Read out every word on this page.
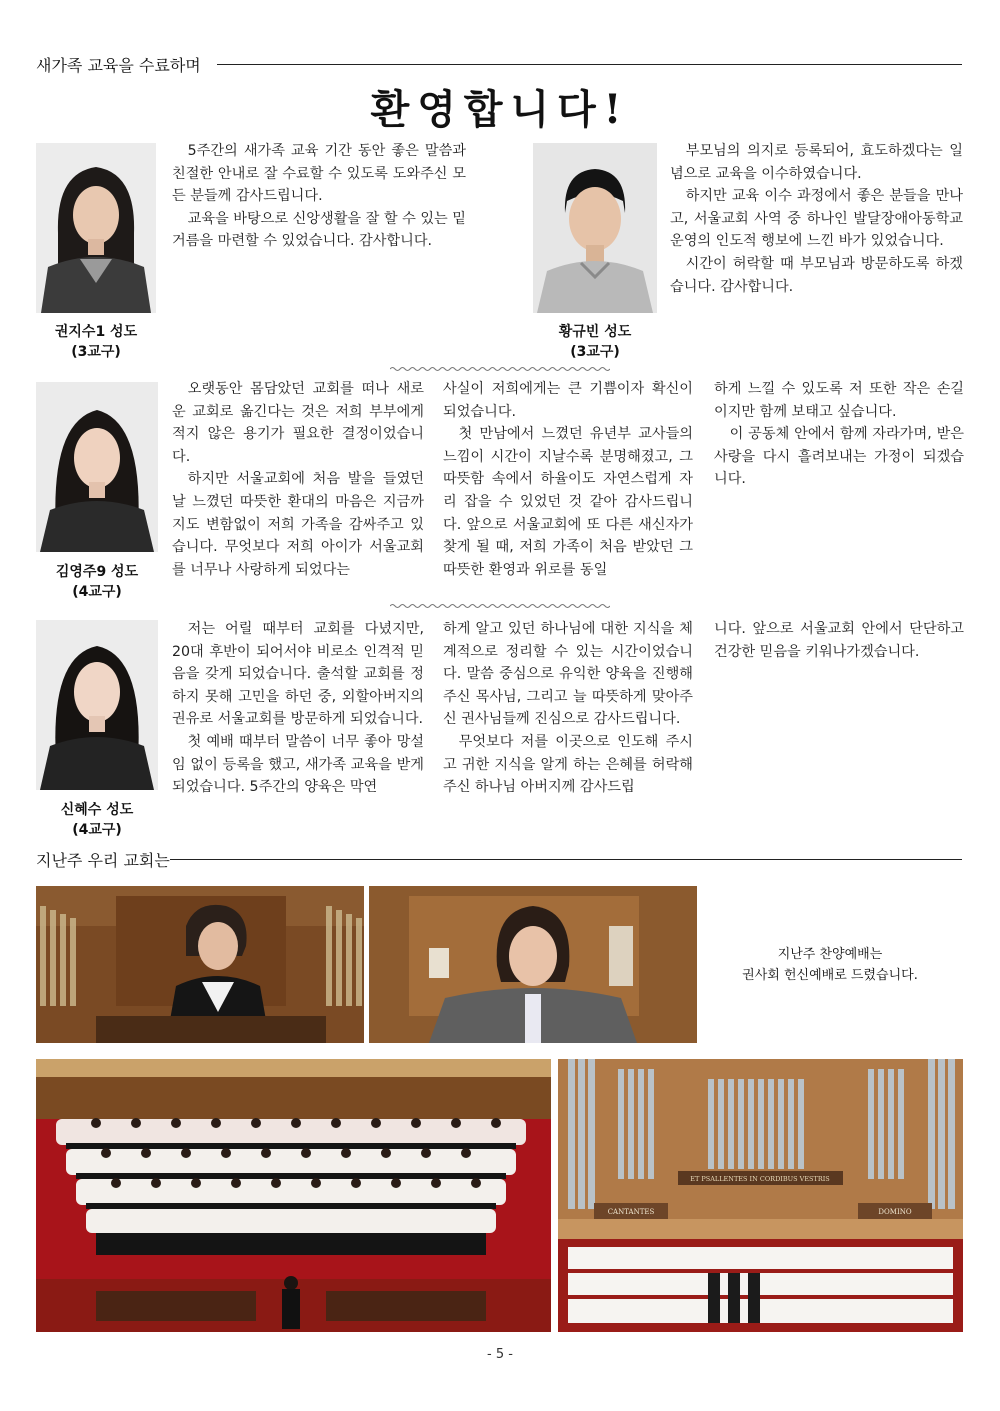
새가족 교육을 수료하며
환영합니다!
권지수1 성도
(3교구)

5주간의 새가족 교육 기간 동안 좋은 말씀과 친절한 안내로 잘 수료할 수 있도록 도와주신 모든 분들께 감사드립니다.

교육을 바탕으로 신앙생활을 잘 할 수 있는 밑거름을 마련할 수 있었습니다. 감사합니다.

황규빈 성도
(3교구)

부모님의 의지로 등록되어, 효도하겠다는 일념으로 교육을 이수하였습니다.

하지만 교육 이수 과정에서 좋은 분들을 만나고, 서울교회 사역 중 하나인 발달장애아동학교 운영의 인도적 행보에 느낀 바가 있었습니다.

시간이 허락할 때 부모님과 방문하도록 하겠습니다. 감사합니다.

김영주9 성도
(4교구)

오랫동안 몸담았던 교회를 떠나 새로운 교회로 옮긴다는 것은 저희 부부에게 적지 않은 용기가 필요한 결정이었습니다.

하지만 서울교회에 처음 발을 들였던 날 느꼈던 따뜻한 환대의 마음은 지금까지도 변함없이 저희 가족을 감싸주고 있습니다. 무엇보다 저희 아이가 서울교회를 너무나 사랑하게 되었다는

사실이 저희에게는 큰 기쁨이자 확신이 되었습니다.

첫 만남에서 느꼈던 유년부 교사들의 느낌이 시간이 지날수록 분명해졌고, 그 따뜻함 속에서 하율이도 자연스럽게 자리 잡을 수 있었던 것 같아 감사드립니다. 앞으로 서울교회에 또 다른 새신자가 찾게 될 때, 저희 가족이 처음 받았던 그 따뜻한 환영과 위로를 동일

하게 느낄 수 있도록 저 또한 작은 손길이지만 함께 보태고 싶습니다.

이 공동체 안에서 함께 자라가며, 받은 사랑을 다시 흘려보내는 가정이 되겠습니다.

신혜수 성도
(4교구)

저는 어릴 때부터 교회를 다녔지만, 20대 후반이 되어서야 비로소 인격적 믿음을 갖게 되었습니다. 출석할 교회를 정하지 못해 고민을 하던 중, 외할아버지의 권유로 서울교회를 방문하게 되었습니다.

첫 예배 때부터 말씀이 너무 좋아 망설임 없이 등록을 했고, 새가족 교육을 받게 되었습니다. 5주간의 양육은 막연

하게 알고 있던 하나님에 대한 지식을 체계적으로 정리할 수 있는 시간이었습니다. 말씀 중심으로 유익한 양육을 진행해 주신 목사님, 그리고 늘 따뜻하게 맞아주신 권사님들께 진심으로 감사드립니다.

무엇보다 저를 이곳으로 인도해 주시고 귀한 지식을 알게 하는 은혜를 허락해 주신 하나님 아버지께 감사드립

니다. 앞으로 서울교회 안에서 단단하고 건강한 믿음을 키워나가겠습니다.

지난주 우리 교회는
지난주 찬양예배는
권사회 헌신예배로 드렸습니다.
ET PSALLENTES IN CORDIBUS VESTRIS
CANTANTES	DOMINO
- 5 -
